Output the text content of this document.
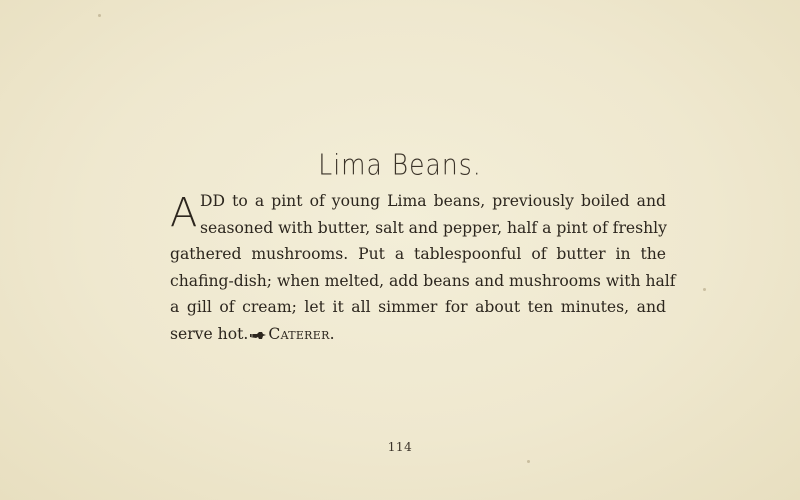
Lima Beans.
A DD to a pint of young Lima beans, previously boiled and
seasoned with butter, salt and pepper, half a pint of freshly
gathered mushrooms. Put a tablespoonful of butter in the
chafing-dish; when melted, add beans and mushrooms with half
a gill of cream; let it all simmer for about ten minutes, and
serve hot. Caterer.
114
